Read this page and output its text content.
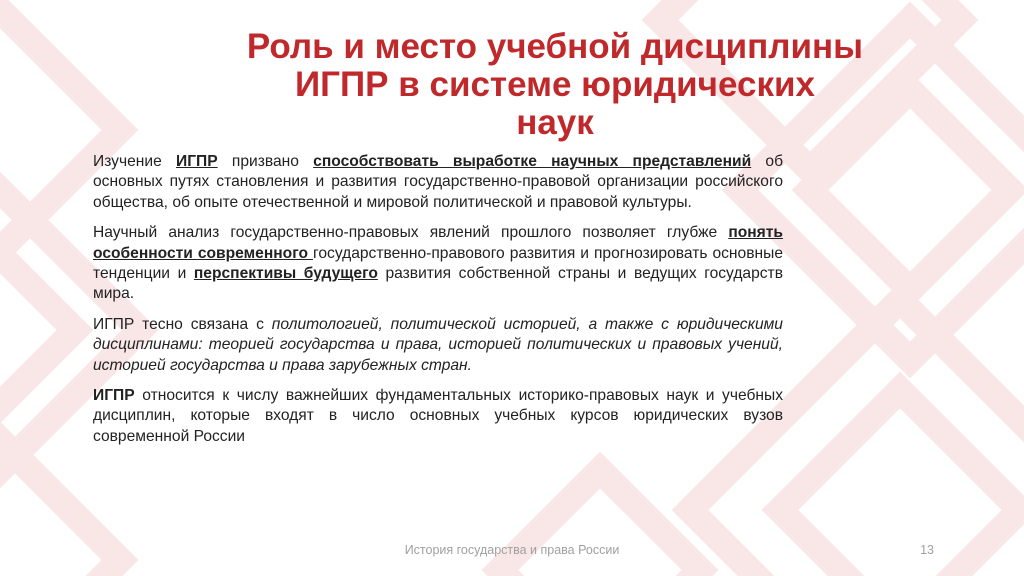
Роль и место учебной дисциплины
ИГПР в системе юридических
наук

Изучение ИГПР призвано способствовать выработке научных представлений об основных путях становления и развития государственно-правовой организации российского общества, об опыте отечественной и мировой политической и правовой культуры.

Научный анализ государственно-правовых явлений прошлого позволяет глубже понять особенности современного государственно-правового развития и прогнозировать основные тенденции и перспективы будущего развития собственной страны и ведущих государств мира.

ИГПР тесно связана с политологией, политической историей, а также с юридическими дисциплинами: теорией государства и права, историей политических и правовых учений, историей государства и права зарубежных стран.

ИГПР относится к числу важнейших фундаментальных историко-правовых наук и учебных дисциплин, которые входят в число основных учебных курсов юридических вузов современной России

История государства и права России	13
